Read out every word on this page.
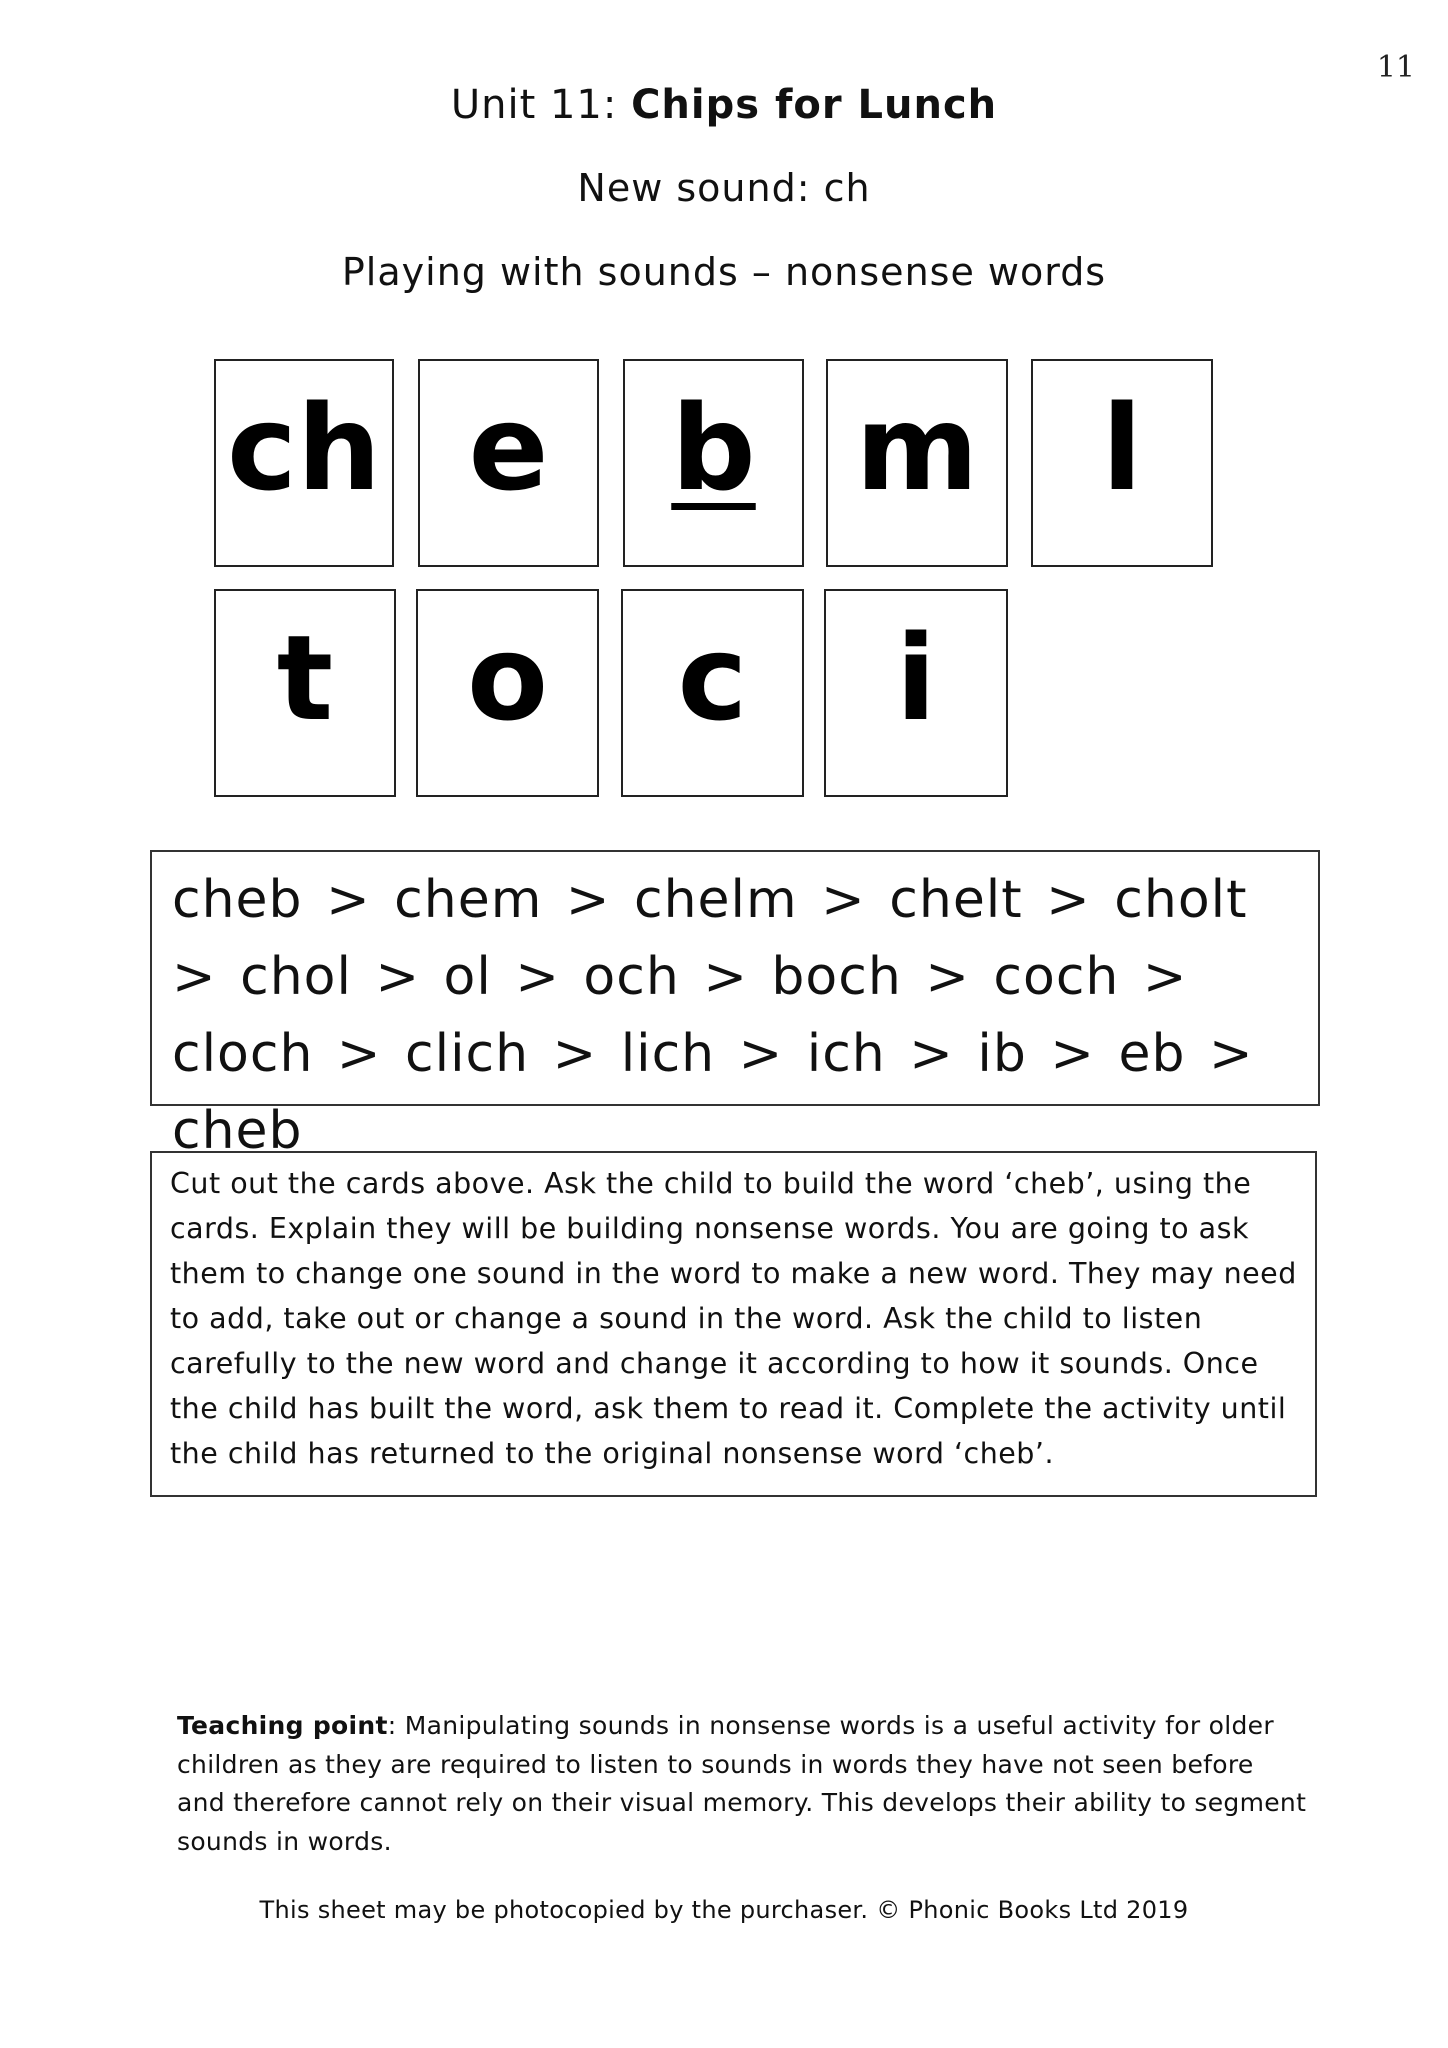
11
Unit 11: Chips for Lunch
New sound: ch
Playing with sounds – nonsense words
ch e b m l
t o c i
cheb > chem > chelm > chelt > cholt > chol > ol > och > boch > coch > cloch > clich > lich > ich > ib > eb > cheb
Cut out the cards above. Ask the child to build the word ‘cheb’, using the cards. Explain they will be building nonsense words. You are going to ask them to change one sound in the word to make a new word. They may need to add, take out or change a sound in the word. Ask the child to listen carefully to the new word and change it according to how it sounds. Once the child has built the word, ask them to read it. Complete the activity until the child has returned to the original nonsense word ‘cheb’.
Teaching point: Manipulating sounds in nonsense words is a useful activity for older children as they are required to listen to sounds in words they have not seen before and therefore cannot rely on their visual memory. This develops their ability to segment sounds in words.
This sheet may be photocopied by the purchaser. © Phonic Books Ltd 2019
